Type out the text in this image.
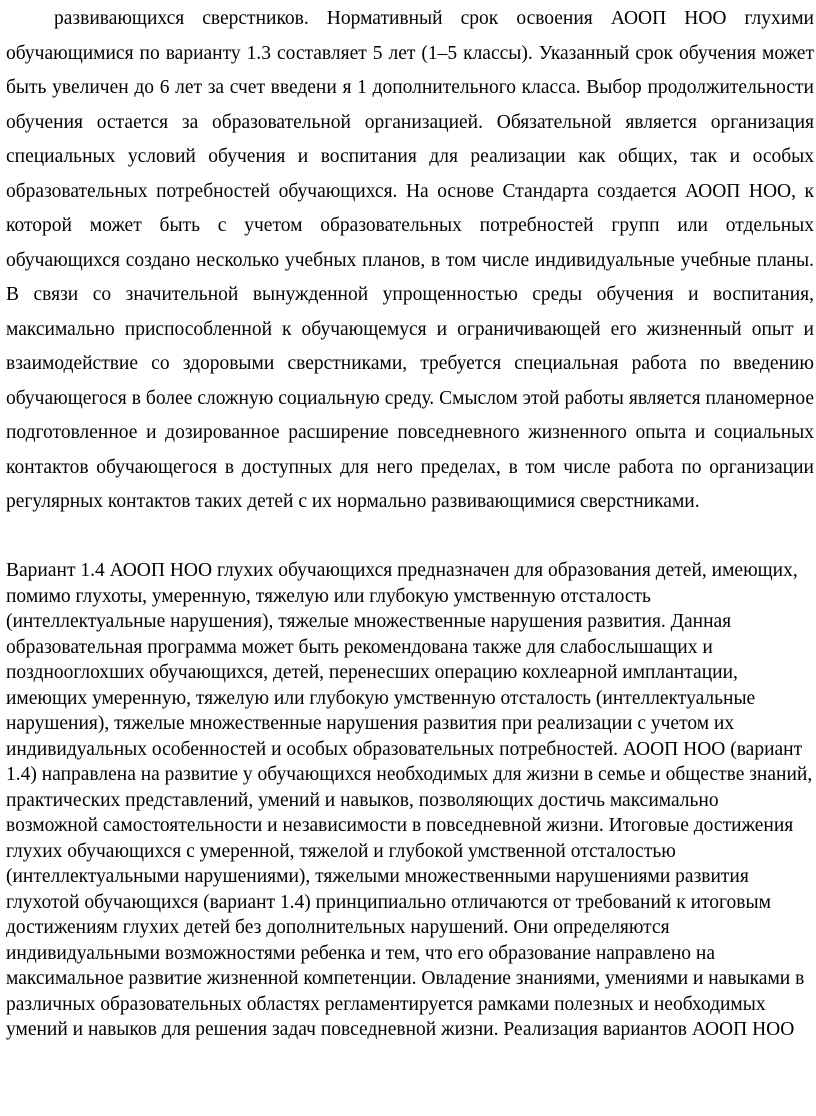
развивающихся сверстников. Нормативный срок освоения АООП НОО глухими обучающимися по варианту 1.3 составляет 5 лет (1–5 классы). Указанный срок обучения может быть увеличен до 6 лет за счет введени я 1 дополнительного класса. Выбор продолжительности обучения остается за образовательной организацией. Обязательной является организация специальных условий обучения и воспитания для реализации как общих, так и особых образовательных потребностей обучающихся. На основе Стандарта создается АООП НОО, к которой может быть с учетом образовательных потребностей групп или отдельных обучающихся создано несколько учебных планов, в том числе индивидуальные учебные планы. В связи со значительной вынужденной упрощенностью среды обучения и воспитания, максимально приспособленной к обучающемуся и ограничивающей его жизненный опыт и взаимодействие со здоровыми сверстниками, требуется специальная работа по введению обучающегося в более сложную социальную среду. Смыслом этой работы является планомерное подготовленное и дозированное расширение повседневного жизненного опыта и социальных контактов обучающегося в доступных для него пределах, в том числе работа по организации регулярных контактов таких детей с их нормально развивающимися сверстниками.

Вариант 1.4 АООП НОО глухих обучающихся предназначен для образования детей, имеющих, помимо глухоты, умеренную, тяжелую или глубокую умственную отсталость (интеллектуальные нарушения), тяжелые множественные нарушения развития. Данная образовательная программа может быть рекомендована также для слабослышащих и позднооглохших обучающихся, детей, перенесших операцию кохлеарной имплантации, имеющих умеренную, тяжелую или глубокую умственную отсталость (интеллектуальные нарушения), тяжелые множественные нарушения развития при реализации с учетом их индивидуальных особенностей и особых образовательных потребностей. АООП НОО (вариант 1.4) направлена на развитие у обучающихся необходимых для жизни в семье и обществе знаний, практических представлений, умений и навыков, позволяющих достичь максимально возможной самостоятельности и независимости в повседневной жизни. Итоговые достижения глухих обучающихся с умеренной, тяжелой и глубокой умственной отсталостью (интеллектуальными нарушениями), тяжелыми множественными нарушениями развития глухотой обучающихся (вариант 1.4) принципиально отличаются от требований к итоговым достижениям глухих детей без дополнительных нарушений. Они определяются индивидуальными возможностями ребенка и тем, что его образование направлено на максимальное развитие жизненной компетенции. Овладение знаниями, умениями и навыками в различных образовательных областях регламентируется рамками полезных и необходимых умений и навыков для решения задач повседневной жизни. Реализация вариантов АООП НОО
